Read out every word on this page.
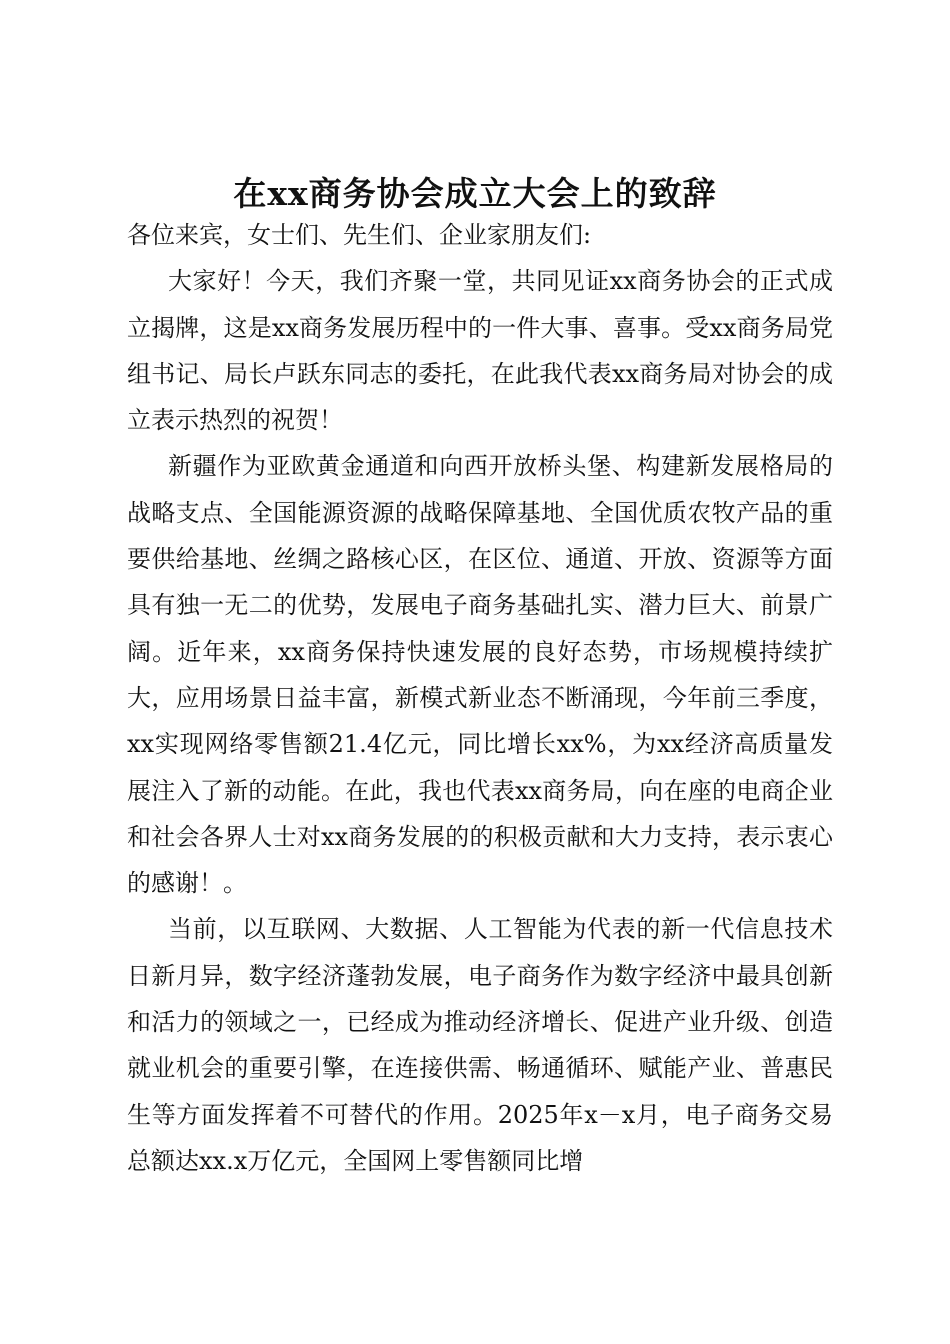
在xx商务协会成立大会上的致辞

各位来宾，女士们、先生们、企业家朋友们:

大家好！今天，我们齐聚一堂，共同见证xx商务协会的正式成立揭牌，这是xx商务发展历程中的一件大事、喜事。受xx商务局党组书记、局长卢跃东同志的委托，在此我代表xx商务局对协会的成立表示热烈的祝贺！

新疆作为亚欧黄金通道和向西开放桥头堡、构建新发展格局的战略支点、全国能源资源的战略保障基地、全国优质农牧产品的重要供给基地、丝绸之路核心区，在区位、通道、开放、资源等方面具有独一无二的优势，发展电子商务基础扎实、潜力巨大、前景广阔。近年来，xx商务保持快速发展的良好态势，市场规模持续扩大，应用场景日益丰富，新模式新业态不断涌现，今年前三季度，xx实现网络零售额21.4亿元，同比增长xx%，为xx经济高质量发展注入了新的动能。在此，我也代表xx商务局，向在座的电商企业和社会各界人士对xx商务发展的的积极贡献和大力支持，表示衷心的感谢！。

当前，以互联网、大数据、人工智能为代表的新一代信息技术日新月异，数字经济蓬勃发展，电子商务作为数字经济中最具创新和活力的领域之一，已经成为推动经济增长、促进产业升级、创造就业机会的重要引擎，在连接供需、畅通循环、赋能产业、普惠民生等方面发挥着不可替代的作用。2025年x－x月，电子商务交易总额达xx.x万亿元，全国网上零售额同比增
